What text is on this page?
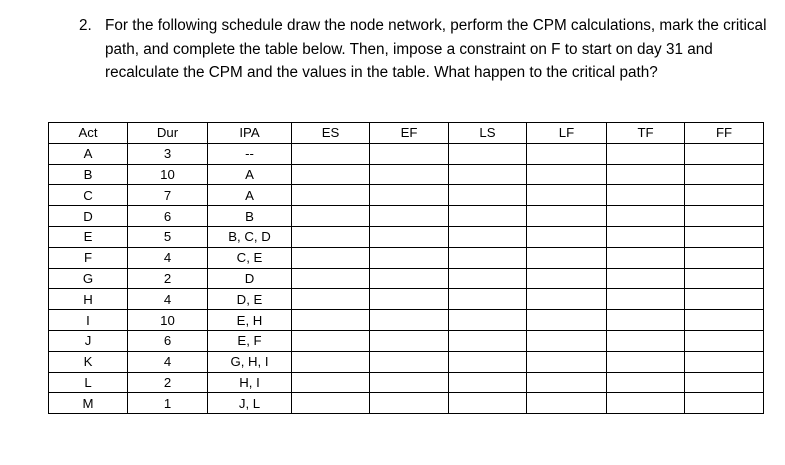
2. For the following schedule draw the node network, perform the CPM calculations, mark the critical path, and complete the table below. Then, impose a constraint on F to start on day 31 and recalculate the CPM and the values in the table. What happen to the critical path?
Act	Dur	IPA	ES	EF	LS	LF	TF	FF
A	3	--						
B	10	A						
C	7	A						
D	6	B						
E	5	B, C, D						
F	4	C, E						
G	2	D						
H	4	D, E						
I	10	E, H						
J	6	E, F						
K	4	G, H, I						
L	2	H, I						
M	1	J, L						
